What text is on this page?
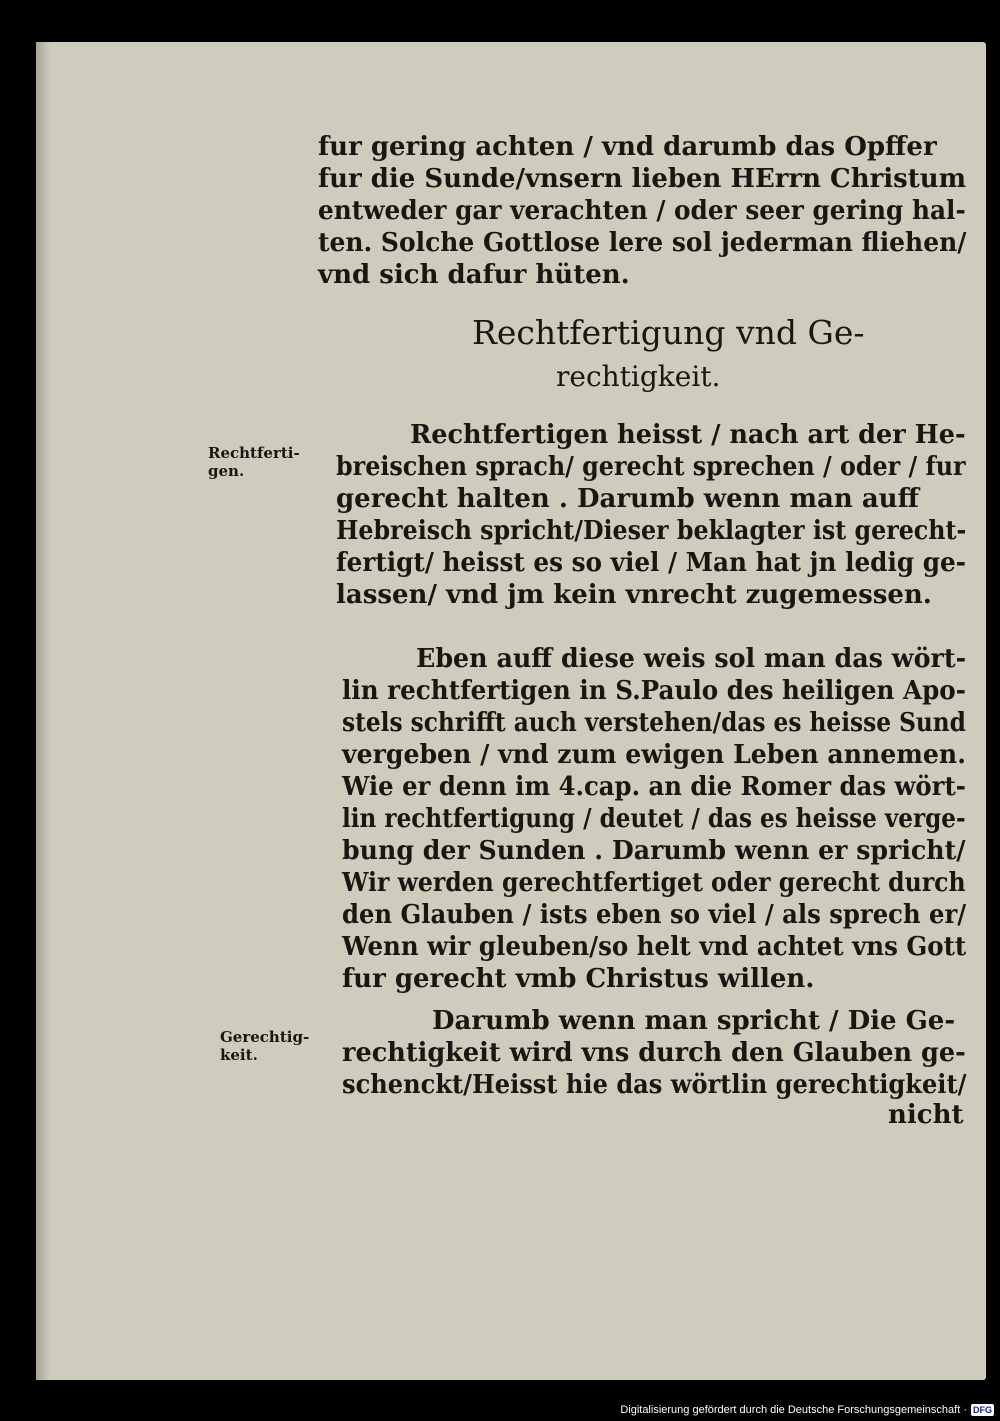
fur gering achten / vnd darumb das Opffer

fur die Sunde/vnsern lieben HErrn Christum

entweder gar verachten / oder seer gering hal-

ten. Solche Gottlose lere sol jederman fliehen/

vnd sich dafur hüten.

Rechtfertigung vnd Ge-

rechtigkeit.

Rechtferti-

gen.

Rechtfertigen heisst / nach art der He-

breischen sprach/ gerecht sprechen / oder / fur

gerecht halten . Darumb wenn man auff

Hebreisch spricht/Dieser beklagter ist gerecht-

fertigt/ heisst es so viel / Man hat jn ledig ge-

lassen/ vnd jm kein vnrecht zugemessen.

Eben auff diese weis sol man das wört-

lin rechtfertigen in S.Paulo des heiligen Apo-

stels schrifft auch verstehen/das es heisse Sund

vergeben / vnd zum ewigen Leben annemen.

Wie er denn im 4.cap. an die Romer das wört-

lin rechtfertigung / deutet / das es heisse verge-

bung der Sunden . Darumb wenn er spricht/

Wir werden gerechtfertiget oder gerecht durch

den Glauben / ists eben so viel / als sprech er/

Wenn wir gleuben/so helt vnd achtet vns Gott

fur gerecht vmb Christus willen.

Gerechtig-

keit.

Darumb wenn man spricht / Die Ge-

rechtigkeit wird vns durch den Glauben ge-

schenckt/Heisst hie das wörtlin gerechtigkeit/

nicht

Digitalisierung gefördert durch die Deutsche Forschungsgemeinschaft · DFG
